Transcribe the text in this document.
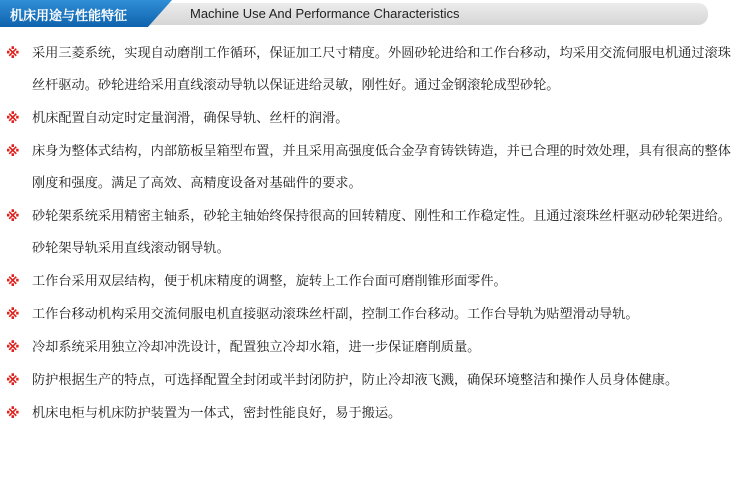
机床用途与性能特征	Machine Use And Performance Characteristics
※ 采用三菱系统，实现自动磨削工作循环，保证加工尺寸精度。外圆砂轮进给和工作台移动，均采用交流伺服电机通过滚珠丝杆驱动。砂轮进给采用直线滚动导轨以保证进给灵敏，刚性好。通过金钢滚轮成型砂轮。
※ 机床配置自动定时定量润滑，确保导轨、丝杆的润滑。
※ 床身为整体式结构，内部筋板呈箱型布置，并且采用高强度低合金孕育铸铁铸造，并已合理的时效处理，具有很高的整体刚度和强度。满足了高效、高精度设备对基础件的要求。
※ 砂轮架系统采用精密主轴系，砂轮主轴始终保持很高的回转精度、刚性和工作稳定性。且通过滚珠丝杆驱动砂轮架进给。砂轮架导轨采用直线滚动钢导轨。
※ 工作台采用双层结构，便于机床精度的调整，旋转上工作台面可磨削锥形面零件。
※ 工作台移动机构采用交流伺服电机直接驱动滚珠丝杆副，控制工作台移动。工作台导轨为贴塑滑动导轨。
※ 冷却系统采用独立冷却冲洗设计，配置独立冷却水箱，进一步保证磨削质量。
※ 防护根据生产的特点，可选择配置全封闭或半封闭防护，防止冷却液飞溅，确保环境整洁和操作人员身体健康。
※ 机床电柜与机床防护装置为一体式，密封性能良好，易于搬运。
